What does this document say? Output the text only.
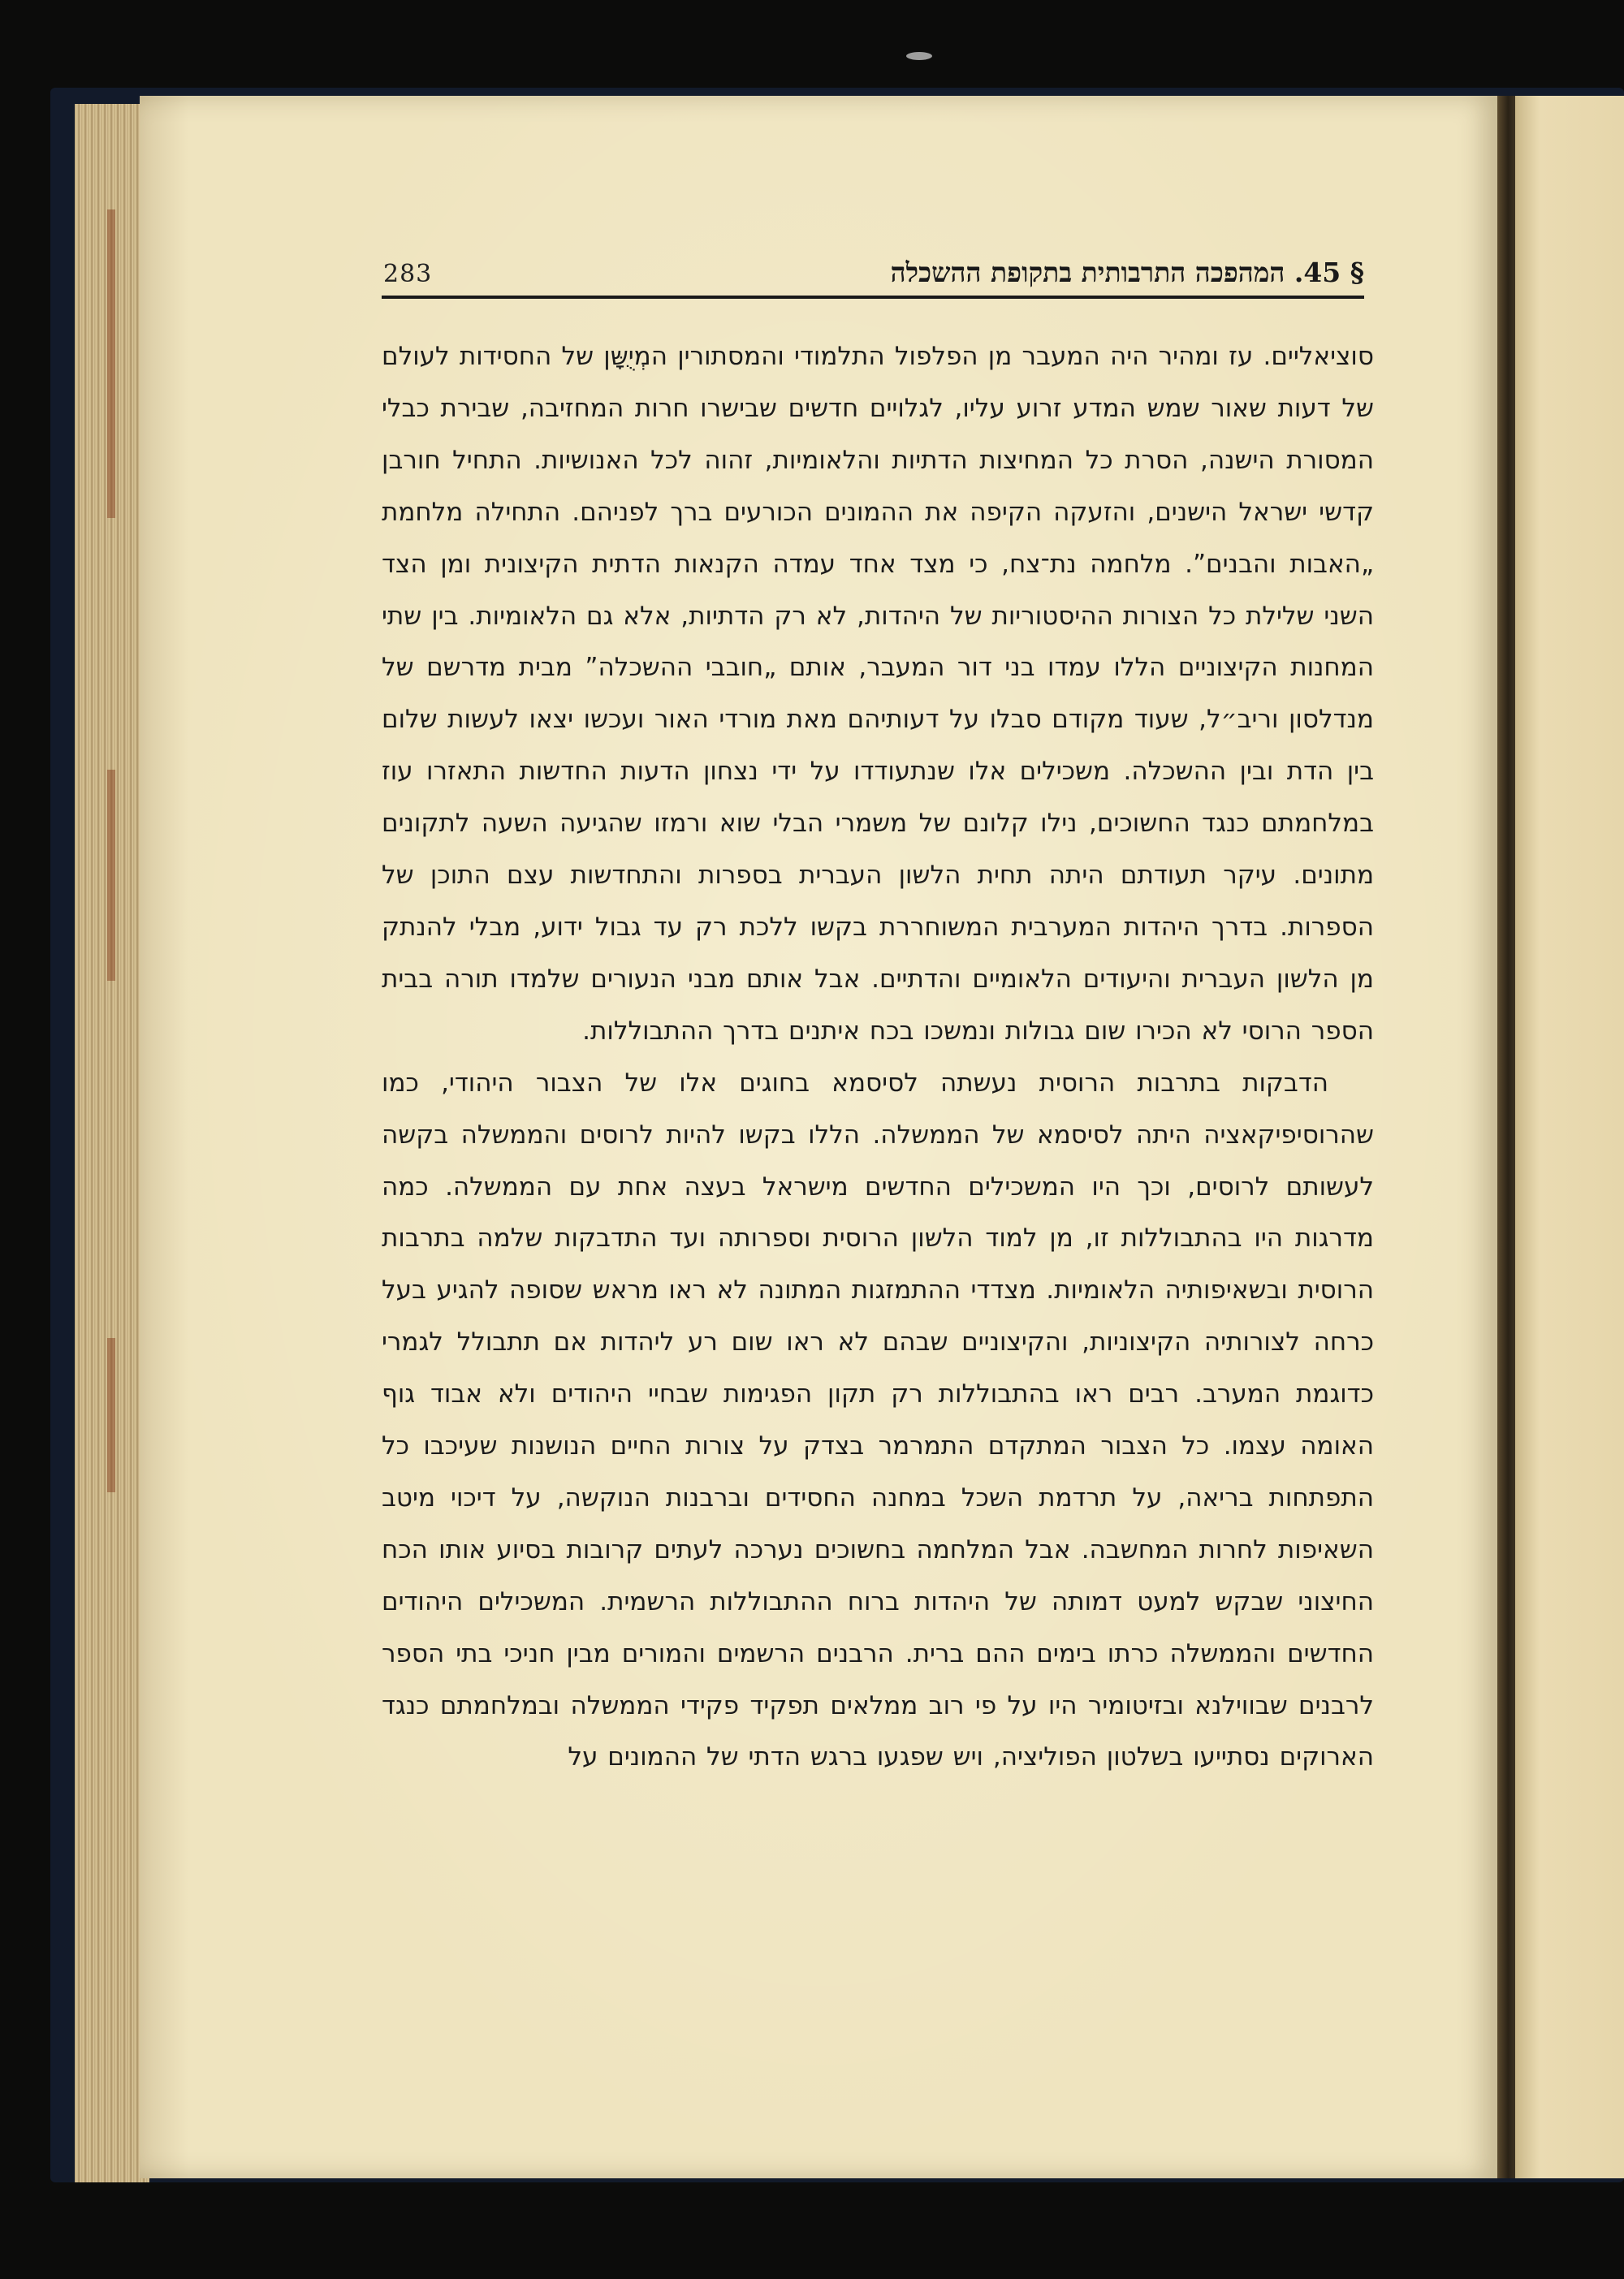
283	§ 45. המהפכה התרבותית בתקופת ההשכלה

סוציאליים. עז ומהיר היה המעבר מן הפלפול התלמודי והמסתורין המְיֻשָּן של החסידות לעולם של דעות שאור שמש המדע זרוע עליו, לגלויים חדשים שבישרו חרות המחזיבה, שבירת כבלי המסורת הישנה, הסרת כל המחיצות הדתיות והלאומיות, זהוה לכל האנושיות. התחיל חורבן קדשי ישראל הישנים, והזעקה הקיפה את ההמונים הכורעים ברך לפניהם. התחילה מלחמת „האבות והבנים”. מלחמה נת־צח, כי מצד אחד עמדה הקנאות הדתית הקיצונית ומן הצד השני שלילת כל הצורות ההיסטוריות של היהדות, לא רק הדתיות, אלא גם הלאומיות. בין שתי המחנות הקיצוניים הללו עמדו בני דור המעבר, אותם „חובבי ההשכלה” מבית מדרשם של מנדלסון וריב״ל, שעוד מקודם סבלו על דעותיהם מאת מורדי האור ועכשו יצאו לעשות שלום בין הדת ובין ההשכלה. משכילים אלו שנתעודדו על ידי נצחון הדעות החדשות התאזרו עוז במלחמתם כנגד החשוכים, נילו קלונם של משמרי הבלי שוא ורמזו שהגיעה השעה לתקונים מתונים. עיקר תעודתם היתה תחית הלשון העברית בספרות והתחדשות עצם התוכן של הספרות. בדרך היהדות המערבית המשוחררת בקשו ללכת רק עד גבול ידוע, מבלי להנתק מן הלשון העברית והיעודים הלאומיים והדתיים. אבל אותם מבני הנעורים שלמדו תורה בבית הספר הרוסי לא הכירו שום גבולות ונמשכו בכח איתנים בדרך ההתבוללות.

הדבקות בתרבות הרוסית נעשתה לסיסמא בחוגים אלו של הצבור היהודי, כמו שהרוסיפיקאציה היתה לסיסמא של הממשלה. הללו בקשו להיות לרוסים והממשלה בקשה לעשותם לרוסים, וכך היו המשכילים החדשים מישראל בעצה אחת עם הממשלה. כמה מדרגות היו בהתבוללות זו, מן למוד הלשון הרוסית וספרותה ועד התדבקות שלמה בתרבות הרוסית ובשאיפותיה הלאומיות. מצדדי ההתמזגות המתונה לא ראו מראש שסופה להגיע בעל כרחה לצורותיה הקיצוניות, והקיצוניים שבהם לא ראו שום רע ליהדות אם תתבולל לגמרי כדוגמת המערב. רבים ראו בהתבוללות רק תקון הפגימות שבחיי היהודים ולא אבוד גוף האומה עצמו. כל הצבור המתקדם התמרמר בצדק על צורות החיים הנושנות שעיכבו כל התפתחות בריאה, על תרדמת השכל במחנה החסידים וברבנות הנוקשה, על דיכוי מיטב השאיפות לחרות המחשבה. אבל המלחמה בחשוכים נערכה לעתים קרובות בסיוע אותו הכח החיצוני שבקש למעט דמותה של היהדות ברוח ההתבוללות הרשמית. המשכילים היהודים החדשים והממשלה כרתו בימים ההם ברית. הרבנים הרשמים והמורים מבין חניכי בתי הספר לרבנים שבווילנא ובזיטומיר היו על פי רוב ממלאים תפקיד פקידי הממשלה ובמלחמתם כנגד הארוקים נסתייעו בשלטון הפוליציה, ויש שפגעו ברגש הדתי של ההמונים על
